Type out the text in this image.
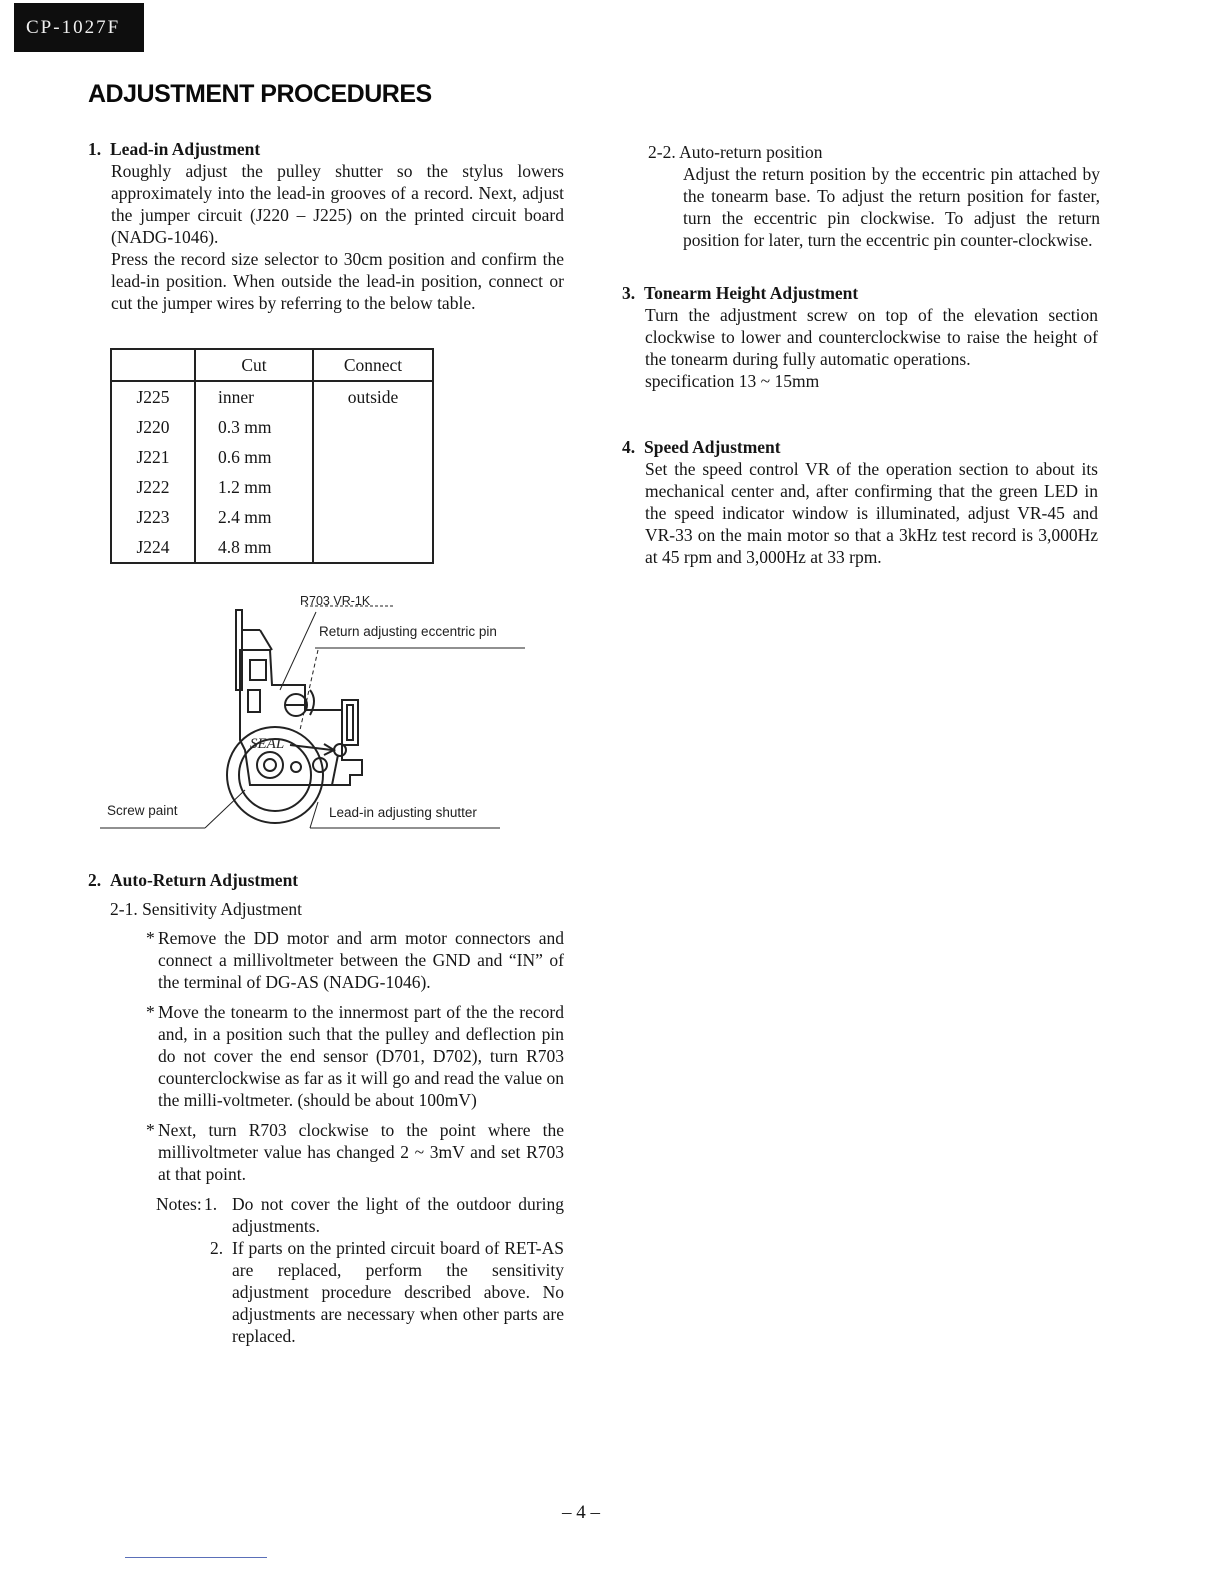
CP-1027F
ADJUSTMENT PROCEDURES
1. Lead-in Adjustment

Roughly adjust the pulley shutter so the stylus lowers approximately into the lead-in grooves of a record. Next, adjust the jumper circuit (J220 – J225) on the printed circuit board (NADG-1046).

Press the record size selector to 30cm position and confirm the lead-in position. When outside the lead-in position, connect or cut the jumper wires by referring to the below table.

	Cut	Connect
J225	inner	outside
J220	0.3 mm	
J221	0.6 mm	
J222	1.2 mm	
J223	2.4 mm	
J224	4.8 mm	
SEAL
R703 VR-1K
Return adjusting eccentric pin
Screw paint	Lead-in adjusting shutter
2. Auto-Return Adjustment
2-1. Sensitivity Adjustment
* Remove the DD motor and arm motor connectors and connect a millivoltmeter between the GND and “IN” of the terminal of DG-AS (NADG-1046).

* Move the tonearm to the innermost part of the the record and, in a position such that the pulley and deflection pin do not cover the end sensor (D701, D702), turn R703 counterclockwise as far as it will go and read the value on the milli-voltmeter. (should be about 100mV)

* Next, turn R703 clockwise to the point where the millivoltmeter value has changed 2 ~ 3mV and set R703 at that point.

Notes: 1. Do not cover the light of the outdoor during adjustments.

2. If parts on the printed circuit board of RET-AS are replaced, perform the sensitivity adjustment procedure described above. No adjustments are necessary when other parts are replaced.

2-2. Auto-return position

Adjust the return position by the eccentric pin attached by the tonearm base. To adjust the return position for faster, turn the eccentric pin clockwise. To adjust the return position for later, turn the eccentric pin counter-clockwise.

3. Tonearm Height Adjustment

Turn the adjustment screw on top of the elevation section clockwise to lower and counterclockwise to raise the height of the tonearm during fully automatic operations.

specification 13 ~ 15mm

4. Speed Adjustment

Set the speed control VR of the operation section to about its mechanical center and, after confirming that the green LED in the speed indicator window is illuminated, adjust VR-45 and VR-33 on the main motor so that a 3kHz test record is 3,000Hz at 45 rpm and 3,000Hz at 33 rpm.

– 4 –
